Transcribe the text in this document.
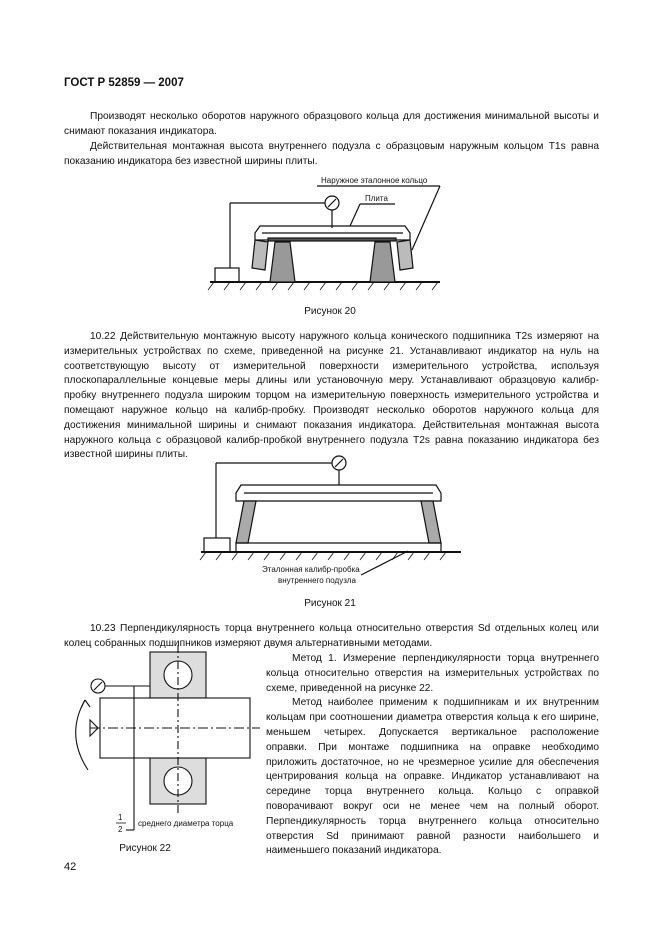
ГОСТ Р 52859 — 2007

Производят несколько оборотов наружного образцового кольца для достижения минимальной высоты и снимают показания индикатора.

Действительная монтажная высота внутреннего подузла с образцовым наружным кольцом T1s равна показанию индикатора без известной ширины плиты.

Наружное эталонное кольцо
Плита
Рисунок 20

10.22 Действительную монтажную высоту наружного кольца конического подшипника T2s измеряют на измерительных устройствах по схеме, приведенной на рисунке 21. Устанавливают индикатор на нуль на соответствующую высоту от измерительной поверхности измерительного устройства, используя плоскопараллельные концевые меры длины или установочную меру. Устанавливают образцовую калибр-пробку внутреннего подузла широким торцом на измерительную поверхность измерительного устройства и помещают наружное кольцо на калибр-пробку. Производят несколько оборотов наружного кольца для достижения минимальной ширины и снимают показания индикатора. Действительная монтажная высота наружного кольца с образцовой калибр-пробкой внутреннего подузла T2s равна показанию индикатора без известной ширины плиты.

Эталонная калибр-пробка
внутреннего подузла
Рисунок 21

10.23 Перпендикулярность торца внутреннего кольца относительно отверстия Sd отдельных колец или колец собранных подшипников измеряют двумя альтернативными методами.

Метод 1. Измерение перпендикулярности торца внутреннего кольца относительно отверстия на измерительных устройствах по схеме, приведенной на рисунке 22.

Метод наиболее применим к подшипникам и их внутренним кольцам при соотношении диаметра отверстия кольца к его ширине, меньшем четырех. Допускается вертикальное расположение оправки. При монтаже подшипника на оправке необходимо приложить достаточное, но не чрезмерное усилие для обеспечения центрирования кольца на оправке. Индикатор устанавливают на середине торца внутреннего кольца. Кольцо с оправкой поворачивают вокруг оси не менее чем на полный оборот. Перпендикулярность торца внутреннего кольца относительно отверстия Sd принимают равной разности наибольшего и наименьшего показаний индикатора.

1
2
среднего диаметра торца
Рисунок 22
42
